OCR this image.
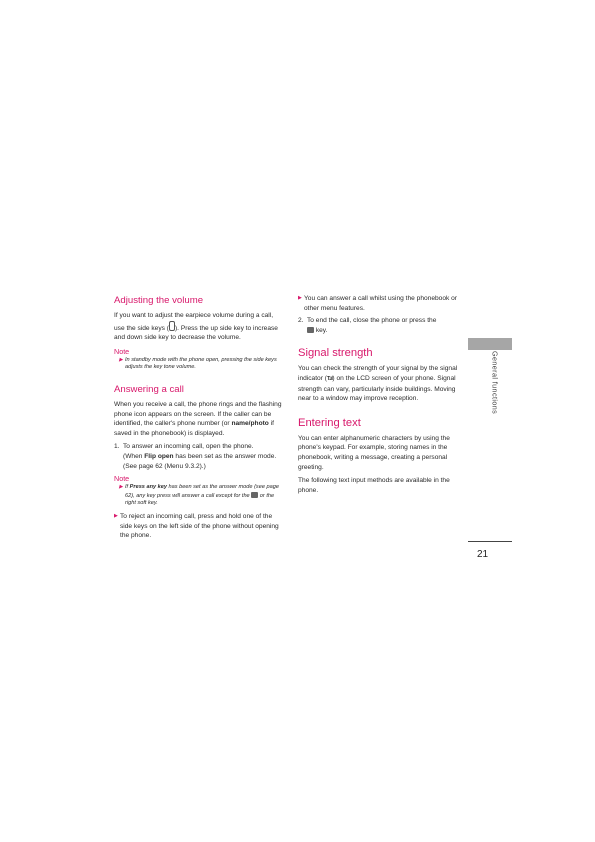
Adjusting the volume

If you want to adjust the earpiece volume during a call, use the side keys ( ). Press the up side key to increase and down side key to decrease the volume.

Note
▶ In standby mode with the phone open, pressing the side keys adjusts the key tone volume.
Answering a call

When you receive a call, the phone rings and the flashing phone icon appears on the screen. If the caller can be identified, the caller's phone number (or name/photo if saved in the phonebook) is displayed.

1. To answer an incoming call, open the phone.
(When Flip open has been set as the answer mode. (See page 62 (Menu 9.3.2).)
Note
▶ If Press any key has been set as the answer mode (see page 62), any key press will answer a call except for the  or the right soft key.
▶ To reject an incoming call, press and hold one of the side keys on the left side of the phone without opening the phone.
▶ You can answer a call whilst using the phonebook or other menu features.
2. To end the call, close the phone or press the
key.
Signal strength

You can check the strength of your signal by the signal indicator (T.ıl) on the LCD screen of your phone. Signal strength can vary, particularly inside buildings. Moving near to a window may improve reception.

Entering text

You can enter alphanumeric characters by using the phone's keypad. For example, storing names in the phonebook, writing a message, creating a personal greeting.

The following text input methods are available in the phone.

General functions
21
